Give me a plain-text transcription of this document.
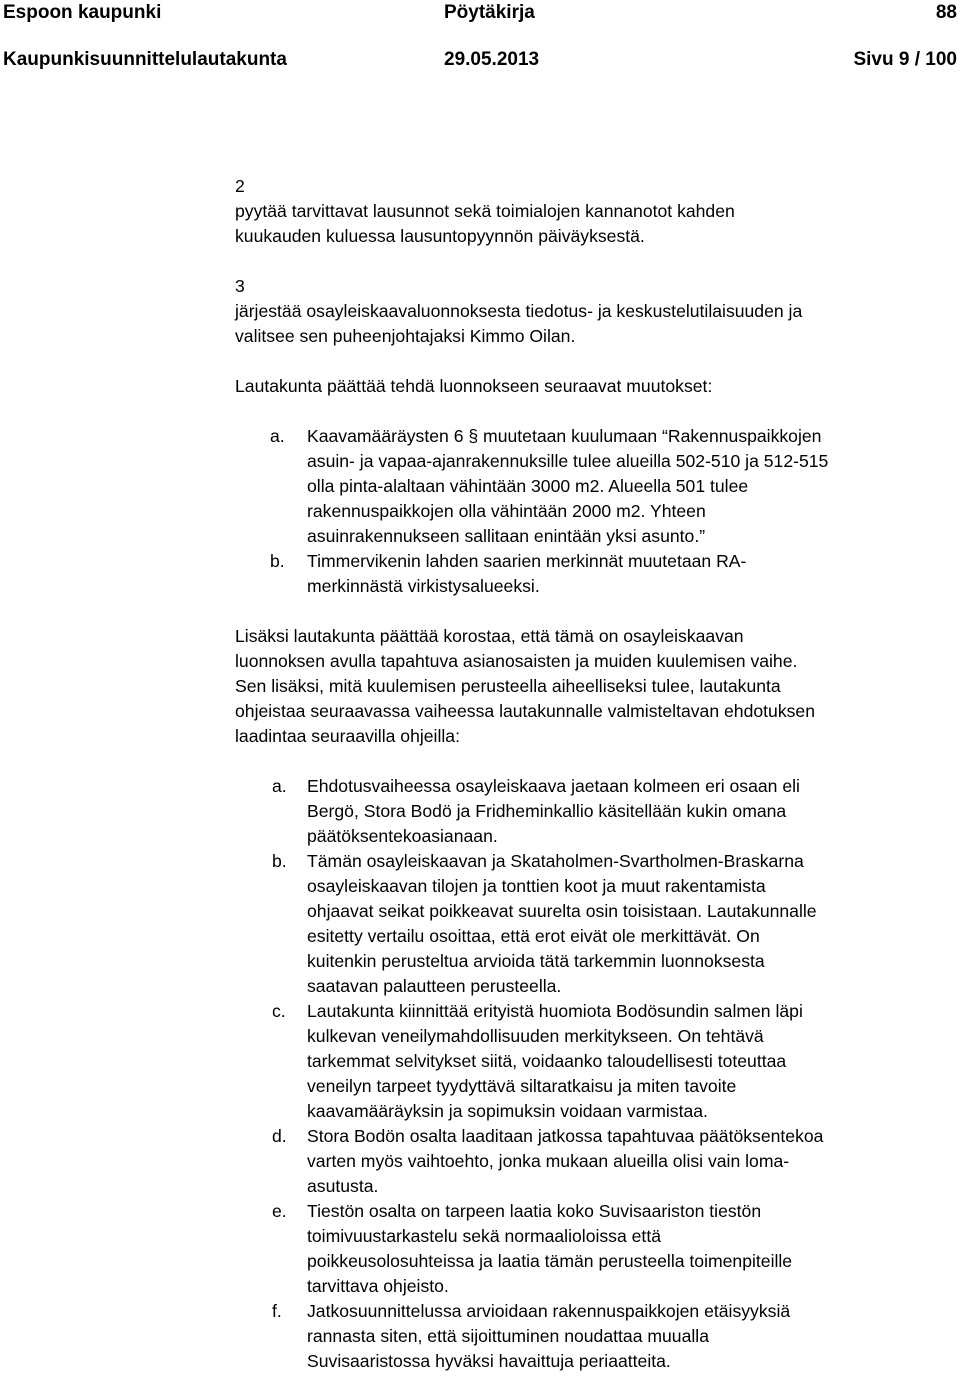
Espoon kaupunki	Pöytäkirja	88
Kaupunkisuunnittelulautakunta	29.05.2013	Sivu 9 / 100

2

pyytää tarvittavat lausunnot sekä toimialojen kannanotot kahden

kuukauden kuluessa lausuntopyynnön päiväyksestä.

3

järjestää osayleiskaavaluonnoksesta tiedotus- ja keskustelutilaisuuden ja

valitsee sen puheenjohtajaksi Kimmo Oilan.

Lautakunta päättää tehdä luonnokseen seuraavat muutokset:

a. Kaavamääräysten 6 § muutetaan kuulumaan “Rakennuspaikkojen
asuin- ja vapaa-ajanrakennuksille tulee alueilla 502-510 ja 512-515
olla pinta-alaltaan vähintään 3000 m2. Alueella 501 tulee
rakennuspaikkojen olla vähintään 2000 m2. Yhteen
asuinrakennukseen sallitaan enintään yksi asunto.”
b. Timmervikenin lahden saarien merkinnät muutetaan RA-
merkinnästä virkistysalueeksi.

Lisäksi lautakunta päättää korostaa, että tämä on osayleiskaavan

luonnoksen avulla tapahtuva asianosaisten ja muiden kuulemisen vaihe.

Sen lisäksi, mitä kuulemisen perusteella aiheelliseksi tulee, lautakunta

ohjeistaa seuraavassa vaiheessa lautakunnalle valmisteltavan ehdotuksen

laadintaa seuraavilla ohjeilla:

a. Ehdotusvaiheessa osayleiskaava jaetaan kolmeen eri osaan eli
Bergö, Stora Bodö ja Fridheminkallio käsitellään kukin omana
päätöksentekoasianaan.
b. Tämän osayleiskaavan ja Skataholmen-Svartholmen-Braskarna
osayleiskaavan tilojen ja tonttien koot ja muut rakentamista
ohjaavat seikat poikkeavat suurelta osin toisistaan. Lautakunnalle
esitetty vertailu osoittaa, että erot eivät ole merkittävät. On
kuitenkin perusteltua arvioida tätä tarkemmin luonnoksesta
saatavan palautteen perusteella.
c. Lautakunta kiinnittää erityistä huomiota Bodösundin salmen läpi
kulkevan veneilymahdollisuuden merkitykseen. On tehtävä
tarkemmat selvitykset siitä, voidaanko taloudellisesti toteuttaa
veneilyn tarpeet tyydyttävä siltaratkaisu ja miten tavoite
kaavamääräyksin ja sopimuksin voidaan varmistaa.
d. Stora Bodön osalta laaditaan jatkossa tapahtuvaa päätöksentekoa
varten myös vaihtoehto, jonka mukaan alueilla olisi vain loma-
asutusta.
e. Tiestön osalta on tarpeen laatia koko Suvisaariston tiestön
toimivuustarkastelu sekä normaalioloissa että
poikkeusolosuhteissa ja laatia tämän perusteella toimenpiteille
tarvittava ohjeisto.
f. Jatkosuunnittelussa arvioidaan rakennuspaikkojen etäisyyksiä
rannasta siten, että sijoittuminen noudattaa muualla
Suvisaaristossa hyväksi havaittuja periaatteita.
